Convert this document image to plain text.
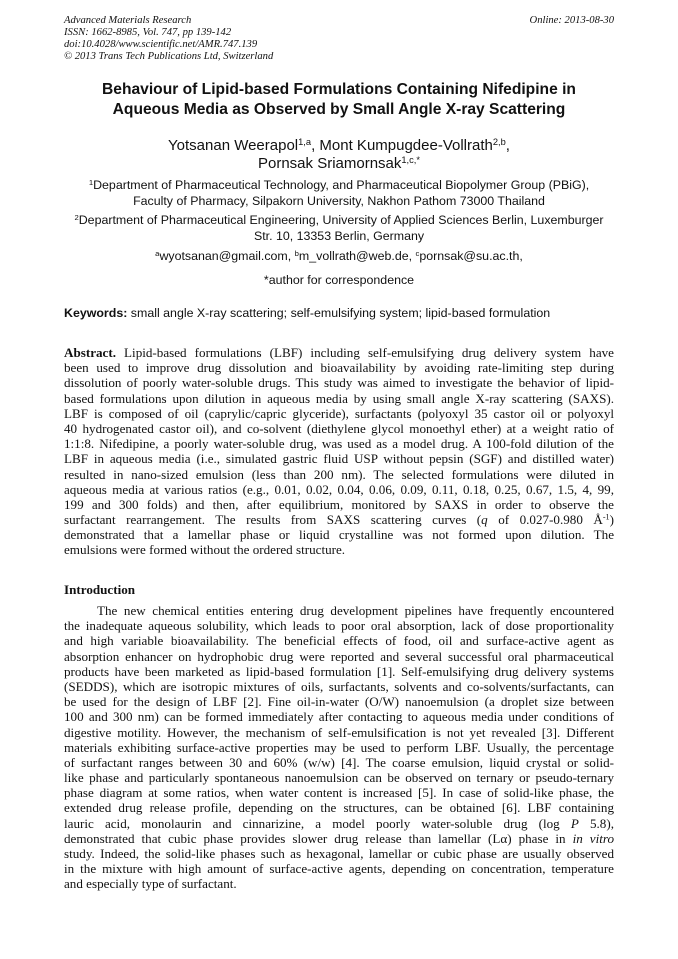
Advanced Materials Research
ISSN: 1662-8985, Vol. 747, pp 139-142
doi:10.4028/www.scientific.net/AMR.747.139
© 2013 Trans Tech Publications Ltd, Switzerland
Online: 2013-08-30
Behaviour of Lipid-based Formulations Containing Nifedipine in
Aqueous Media as Observed by Small Angle X-ray Scattering
Yotsanan Weerapol$^{1,a}$, Mont Kumpugdee-Vollrath$^{2,b}$,
Pornsak Sriamornsak$^{1,c,*}$
$^1$Department of Pharmaceutical Technology, and Pharmaceutical Biopolymer Group (PBiG),
Faculty of Pharmacy, Silpakorn University, Nakhon Pathom 73000 Thailand
$^2$Department of Pharmaceutical Engineering, University of Applied Sciences Berlin, Luxemburger
Str. 10, 13353 Berlin, Germany
$^a$wyotsanan@gmail.com, $^b$m_vollrath@web.de, $^c$pornsak@su.ac.th,
*author for correspondence
Keywords: small angle X-ray scattering; self-emulsifying system; lipid-based formulation
Abstract. Lipid-based formulations (LBF) including self-emulsifying drug delivery system have
been used to improve drug dissolution and bioavailability by avoiding rate-limiting step during
dissolution of poorly water-soluble drugs. This study was aimed to investigate the behavior of lipid-
based formulations upon dilution in aqueous media by using small angle X-ray scattering (SAXS).
LBF is composed of oil (caprylic/capric glyceride), surfactants (polyoxyl 35 castor oil or polyoxyl
40 hydrogenated castor oil), and co-solvent (diethylene glycol monoethyl ether) at a weight ratio of
1:1:8. Nifedipine, a poorly water-soluble drug, was used as a model drug. A 100-fold dilution of the
LBF in aqueous media (i.e., simulated gastric fluid USP without pepsin (SGF) and distilled water)
resulted in nano-sized emulsion (less than 200 nm). The selected formulations were diluted in
aqueous media at various ratios (e.g., 0.01, 0.02, 0.04, 0.06, 0.09, 0.11, 0.18, 0.25, 0.67, 1.5, 4, 99,
199 and 300 folds) and then, after equilibrium, monitored by SAXS in order to observe the
surfactant rearrangement. The results from SAXS scattering curves (q of 0.027-0.980 $Å^{-1}$)
demonstrated that a lamellar phase or liquid crystalline was not formed upon dilution. The
emulsions were formed without the ordered structure.
Introduction
The new chemical entities entering drug development pipelines have frequently encountered
the inadequate aqueous solubility, which leads to poor oral absorption, lack of dose proportionality
and high variable bioavailability. The beneficial effects of food, oil and surface-active agent as
absorption enhancer on hydrophobic drug were reported and several successful oral pharmaceutical
products have been marketed as lipid-based formulation [1]. Self-emulsifying drug delivery systems
(SEDDS), which are isotropic mixtures of oils, surfactants, solvents and co-solvents/surfactants, can
be used for the design of LBF [2]. Fine oil-in-water (O/W) nanoemulsion (a droplet size between
100 and 300 nm) can be formed immediately after contacting to aqueous media under conditions of
digestive motility. However, the mechanism of self-emulsification is not yet revealed [3]. Different
materials exhibiting surface-active properties may be used to perform LBF. Usually, the percentage
of surfactant ranges between 30 and 60% (w/w) [4]. The coarse emulsion, liquid crystal or solid-
like phase and particularly spontaneous nanoemulsion can be observed on ternary or pseudo-ternary
phase diagram at some ratios, when water content is increased [5]. In case of solid-like phase, the
extended drug release profile, depending on the structures, can be obtained [6]. LBF containing
lauric acid, monolaurin and cinnarizine, a model poorly water-soluble drug (log P 5.8),
demonstrated that cubic phase provides slower drug release than lamellar (Lα) phase in in vitro
study. Indeed, the solid-like phases such as hexagonal, lamellar or cubic phase are usually observed
in the mixture with high amount of surface-active agents, depending on concentration, temperature
and especially type of surfactant.
